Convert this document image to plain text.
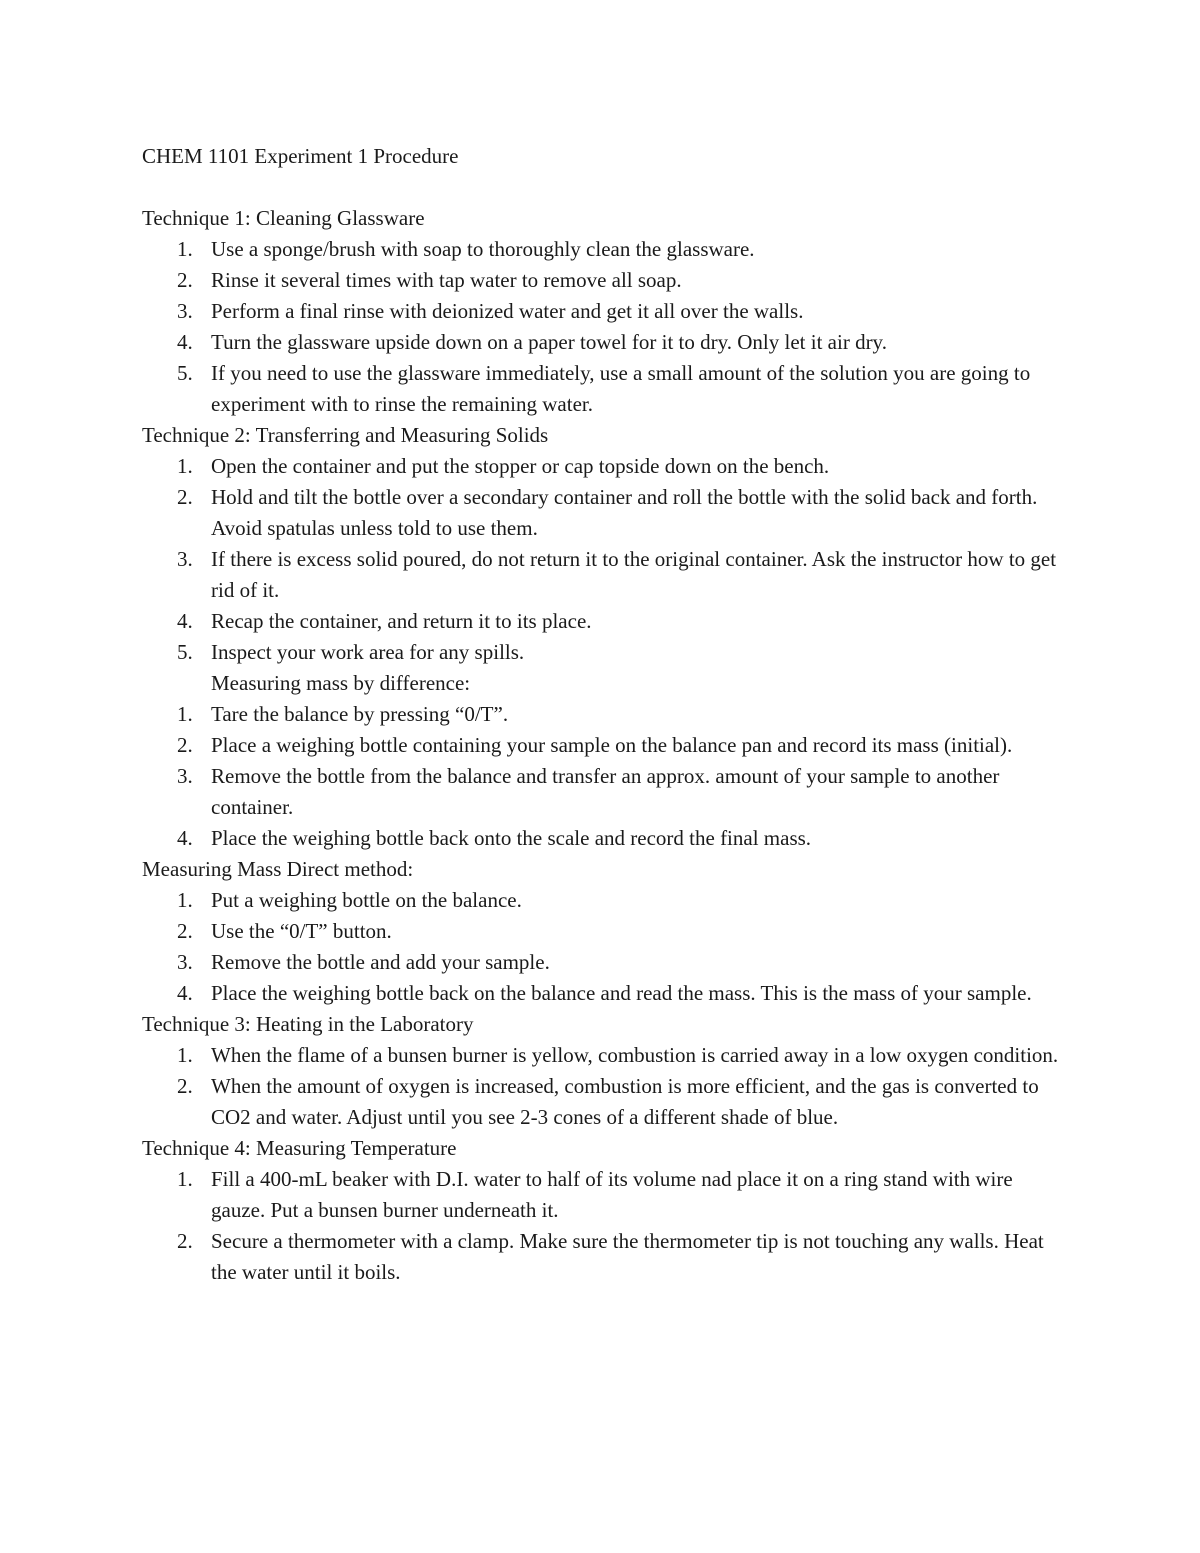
CHEM 1101 Experiment 1 Procedure
Technique 1: Cleaning Glassware
1. Use a sponge/brush with soap to thoroughly clean the glassware.
2. Rinse it several times with tap water to remove all soap.
3. Perform a final rinse with deionized water and get it all over the walls.
4. Turn the glassware upside down on a paper towel for it to dry. Only let it air dry.
5. If you need to use the glassware immediately, use a small amount of the solution you are going to experiment with to rinse the remaining water.
Technique 2: Transferring and Measuring Solids
1. Open the container and put the stopper or cap topside down on the bench.
2. Hold and tilt the bottle over a secondary container and roll the bottle with the solid back and forth. Avoid spatulas unless told to use them.
3. If there is excess solid poured, do not return it to the original container. Ask the instructor how to get rid of it.
4. Recap the container, and return it to its place.
5. Inspect your work area for any spills.
Measuring mass by difference:
1. Tare the balance by pressing “0/T”.
2. Place a weighing bottle containing your sample on the balance pan and record its mass (initial).
3. Remove the bottle from the balance and transfer an approx. amount of your sample to another container.
4. Place the weighing bottle back onto the scale and record the final mass.
Measuring Mass Direct method:
1. Put a weighing bottle on the balance.
2. Use the “0/T” button.
3. Remove the bottle and add your sample.
4. Place the weighing bottle back on the balance and read the mass. This is the mass of your sample.
Technique 3: Heating in the Laboratory
1. When the flame of a bunsen burner is yellow, combustion is carried away in a low oxygen condition.
2. When the amount of oxygen is increased, combustion is more efficient, and the gas is converted to CO2 and water. Adjust until you see 2-3 cones of a different shade of blue.
Technique 4: Measuring Temperature
1. Fill a 400-mL beaker with D.I. water to half of its volume nad place it on a ring stand with wire gauze. Put a bunsen burner underneath it.
2. Secure a thermometer with a clamp. Make sure the thermometer tip is not touching any walls. Heat the water until it boils.
